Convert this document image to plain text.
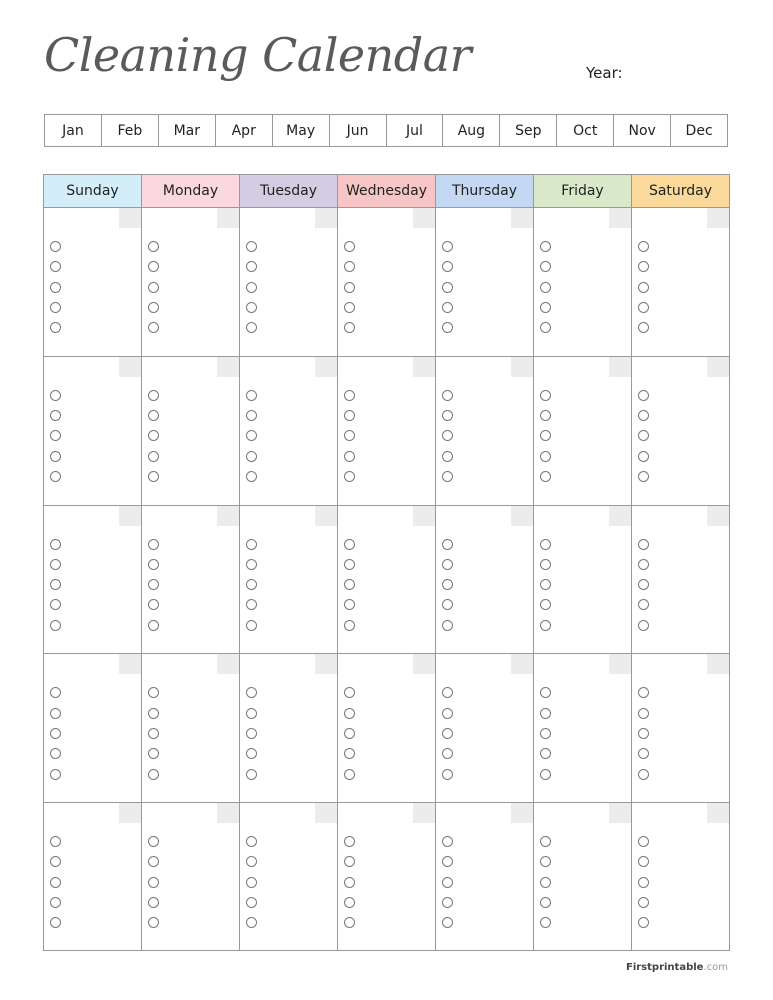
Cleaning Calendar	Year:
Jan	Feb	Mar	Apr	May	Jun	Jul	Aug	Sep	Oct	Nov	Dec
Sunday	Monday	Tuesday	Wednesday	Thursday	Friday	Saturday
Firstprintable.com
